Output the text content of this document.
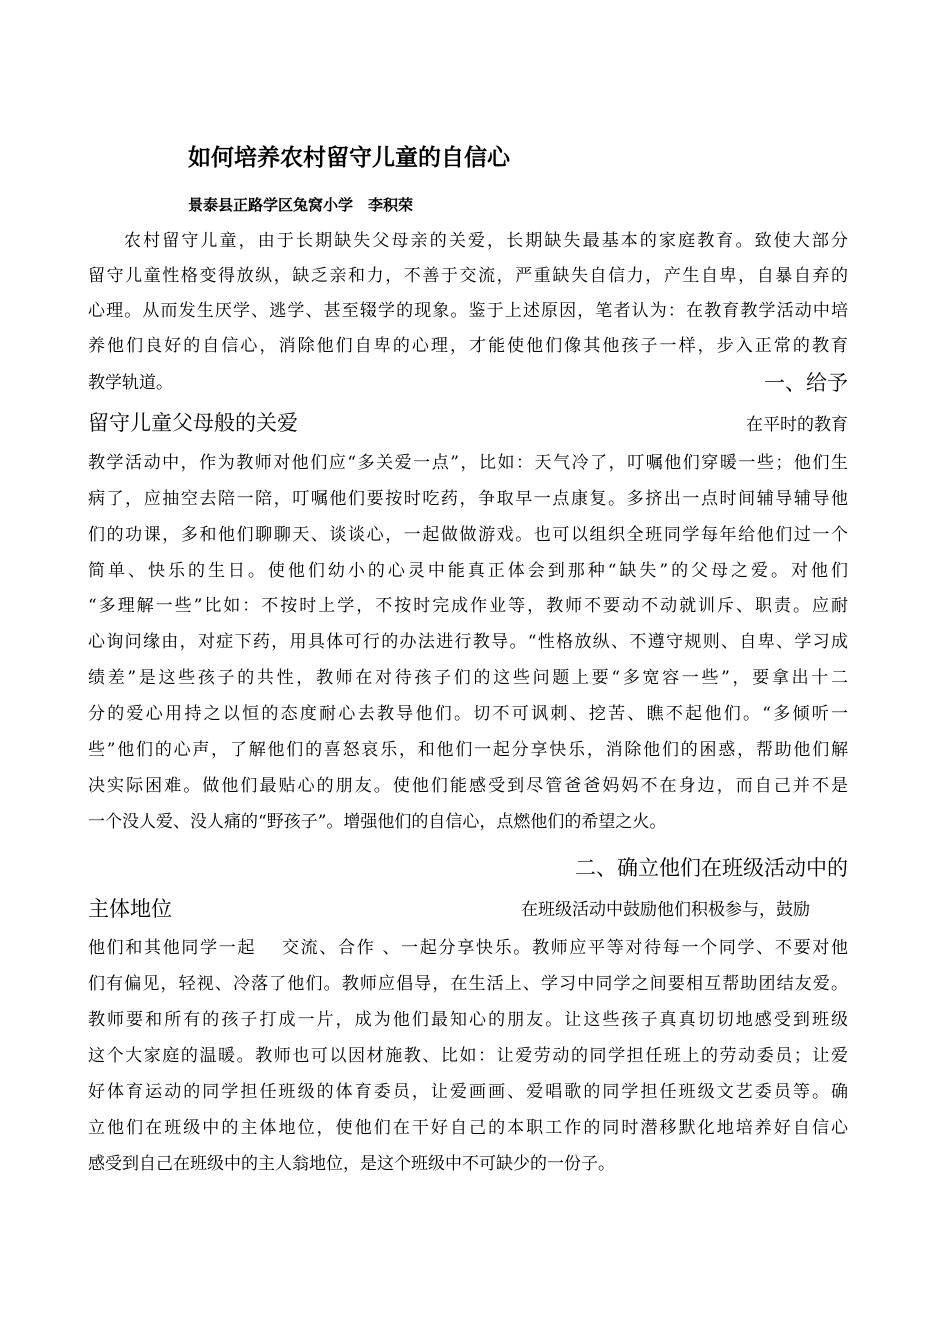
如何培养农村留守儿童的自信心
景泰县正路学区兔窝小学　李积荣
农村留守儿童，由于长期缺失父母亲的关爱，长期缺失最基本的家庭教育。致使大部分
留守儿童性格变得放纵，缺乏亲和力，不善于交流，严重缺失自信力，产生自卑，自暴自弃的
心理。从而发生厌学、逃学、甚至辍学的现象。鉴于上述原因，笔者认为：在教育教学活动中培
养他们良好的自信心，消除他们自卑的心理，才能使他们像其他孩子一样，步入正常的教育
教学轨道。	一、给予
留守儿童父母般的关爱	在平时的教育
教学活动中，作为教师对他们应“多关爱一点”，比如：天气冷了，叮嘱他们穿暖一些；他们生
病了，应抽空去陪一陪，叮嘱他们要按时吃药，争取早一点康复。多挤出一点时间辅导辅导他
们的功课，多和他们聊聊天、谈谈心，一起做做游戏。也可以组织全班同学每年给他们过一个
简单、快乐的生日。使他们幼小的心灵中能真正体会到那种“缺失”的父母之爱。对他们
“多理解一些”比如：不按时上学，不按时完成作业等，教师不要动不动就训斥、职责。应耐
心询问缘由，对症下药，用具体可行的办法进行教导。“性格放纵、不遵守规则、自卑、学习成
绩差”是这些孩子的共性，教师在对待孩子们的这些问题上要“多宽容一些”，要拿出十二
分的爱心用持之以恒的态度耐心去教导他们。切不可讽刺、挖苦、瞧不起他们。“多倾听一
些”他们的心声，了解他们的喜怒哀乐，和他们一起分享快乐，消除他们的困惑，帮助他们解
决实际困难。做他们最贴心的朋友。使他们能感受到尽管爸爸妈妈不在身边，而自己并不是
一个没人爱、没人痛的“野孩子”。增强他们的自信心，点燃他们的希望之火。
二、确立他们在班级活动中的
主体地位	在班级活动中鼓励他们积极参与，鼓励
他们和其他同学一起　 交流、合作 、一起分享快乐。教师应平等对待每一个同学、不要对他
们有偏见，轻视、冷落了他们。教师应倡导，在生活上、学习中同学之间要相互帮助团结友爱。
教师要和所有的孩子打成一片，成为他们最知心的朋友。让这些孩子真真切切地感受到班级
这个大家庭的温暖。教师也可以因材施教、比如：让爱劳动的同学担任班上的劳动委员；让爱
好体育运动的同学担任班级的体育委员，让爱画画、爱唱歌的同学担任班级文艺委员等。确
立他们在班级中的主体地位，使他们在干好自己的本职工作的同时潜移默化地培养好自信心
感受到自己在班级中的主人翁地位，是这个班级中不可缺少的一份子。
